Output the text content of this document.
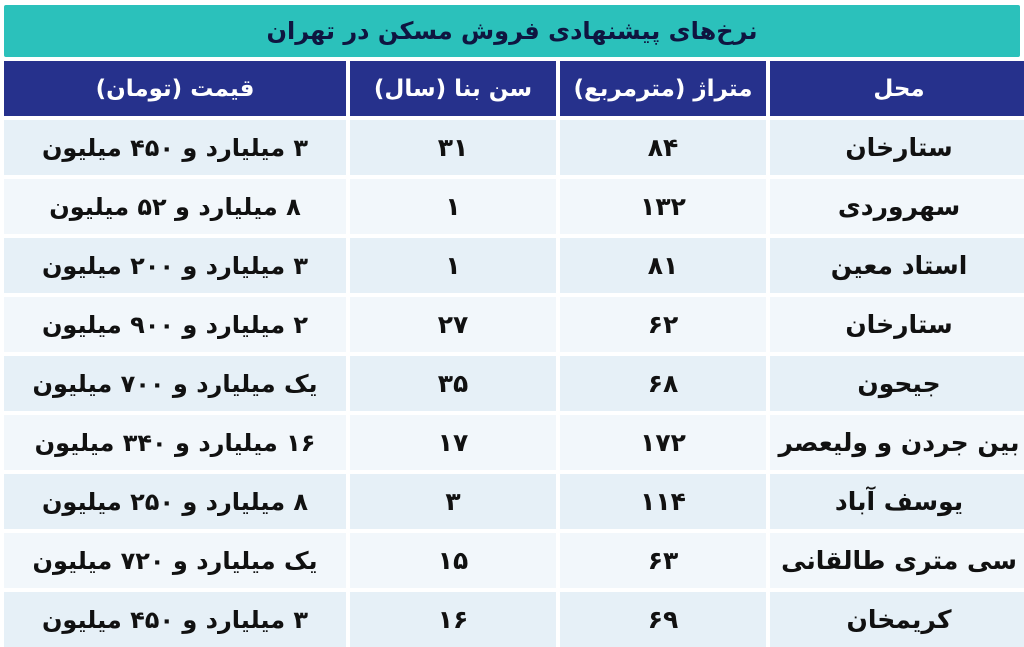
نرخ‌های پیشنهادی فروش مسکن در تهران
قیمت (تومان)	سن بنا (سال)	متراژ (مترمربع)	محل
۳ میلیارد و ۴۵۰ میلیون	۳۱	۸۴	ستارخان
۸ میلیارد و ۵۲ میلیون	۱	۱۳۲	سهروردی
۳ میلیارد و ۲۰۰ میلیون	۱	۸۱	استاد معین
۲ میلیارد و ۹۰۰ میلیون	۲۷	۶۲	ستارخان
یک میلیارد و ۷۰۰ میلیون	۳۵	۶۸	جیحون
۱۶ میلیارد و ۳۴۰ میلیون	۱۷	۱۷۲	بین جردن و ولیعصر
۸ میلیارد و ۲۵۰ میلیون	۳	۱۱۴	یوسف آباد
یک میلیارد و ۷۲۰ میلیون	۱۵	۶۳	سی متری طالقانی
۳ میلیارد و ۴۵۰ میلیون	۱۶	۶۹	کریمخان
